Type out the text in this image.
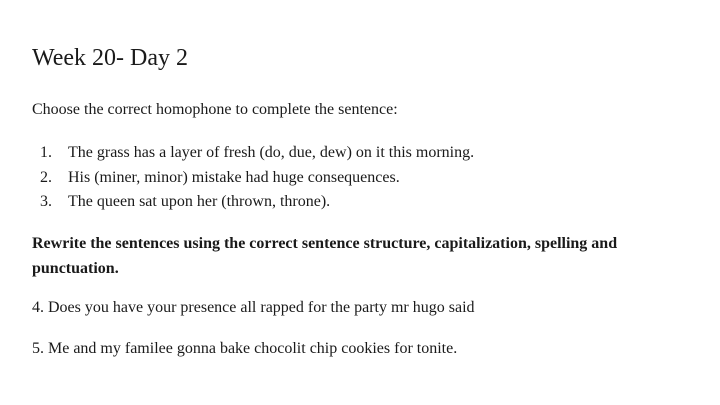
Week 20- Day 2
Choose the correct homophone to complete the sentence:
1. The grass has a layer of fresh (do, due, dew) on it this morning.
2. His (miner, minor) mistake had huge consequences.
3. The queen sat upon her (thrown, throne).
Rewrite the sentences using the correct sentence structure, capitalization, spelling and punctuation.
4. Does you have your presence all rapped for the party mr hugo said
5. Me and my familee gonna bake chocolit chip cookies for tonite.
